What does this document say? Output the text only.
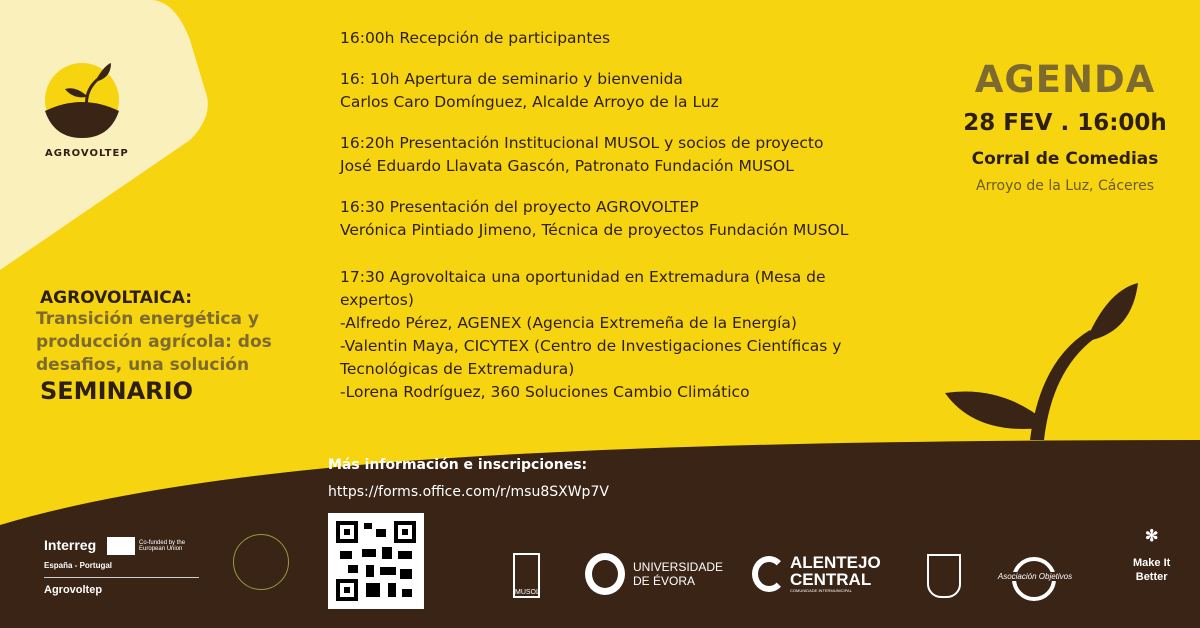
AGROVOLTEP
AGROVOLTAICA:
Transición energética y
producción agrícola: dos
desafios, una solución
SEMINARIO
16:00h Recepción de participantes
16: 10h Apertura de seminario y bienvenida
Carlos Caro Domínguez, Alcalde Arroyo de la Luz
16:20h Presentación Institucional MUSOL y socios de proyecto
José Eduardo Llavata Gascón, Patronato Fundación MUSOL
16:30 Presentación del proyecto AGROVOLTEP
Verónica Pintiado Jimeno, Técnica de proyectos Fundación MUSOL
17:30 Agrovoltaica una oportunidad en Extremadura (Mesa de
expertos)
-Alfredo Pérez, AGENEX (Agencia Extremeña de la Energía)
-Valentin Maya, CICYTEX (Centro de Investigaciones Científicas y
Tecnológicas de Extremadura)
-Lorena Rodríguez, 360 Soluciones Cambio Climático
AGENDA
28 FEV . 16:00h
Corral de Comedias
Arroyo de la Luz, Cáceres
Más información e inscripciones:
https://forms.office.com/r/msu8SXWp7V
Interreg	Co-funded by the European Union
España - Portugal
Agrovoltep	MUSOL
UNIVERSIDADE
DE ÉVORA
ALENTEJO
CENTRAL
COMUNIDADE INTERMUNICIPAL
Asociación Objetivos
✻
Make It
Better
